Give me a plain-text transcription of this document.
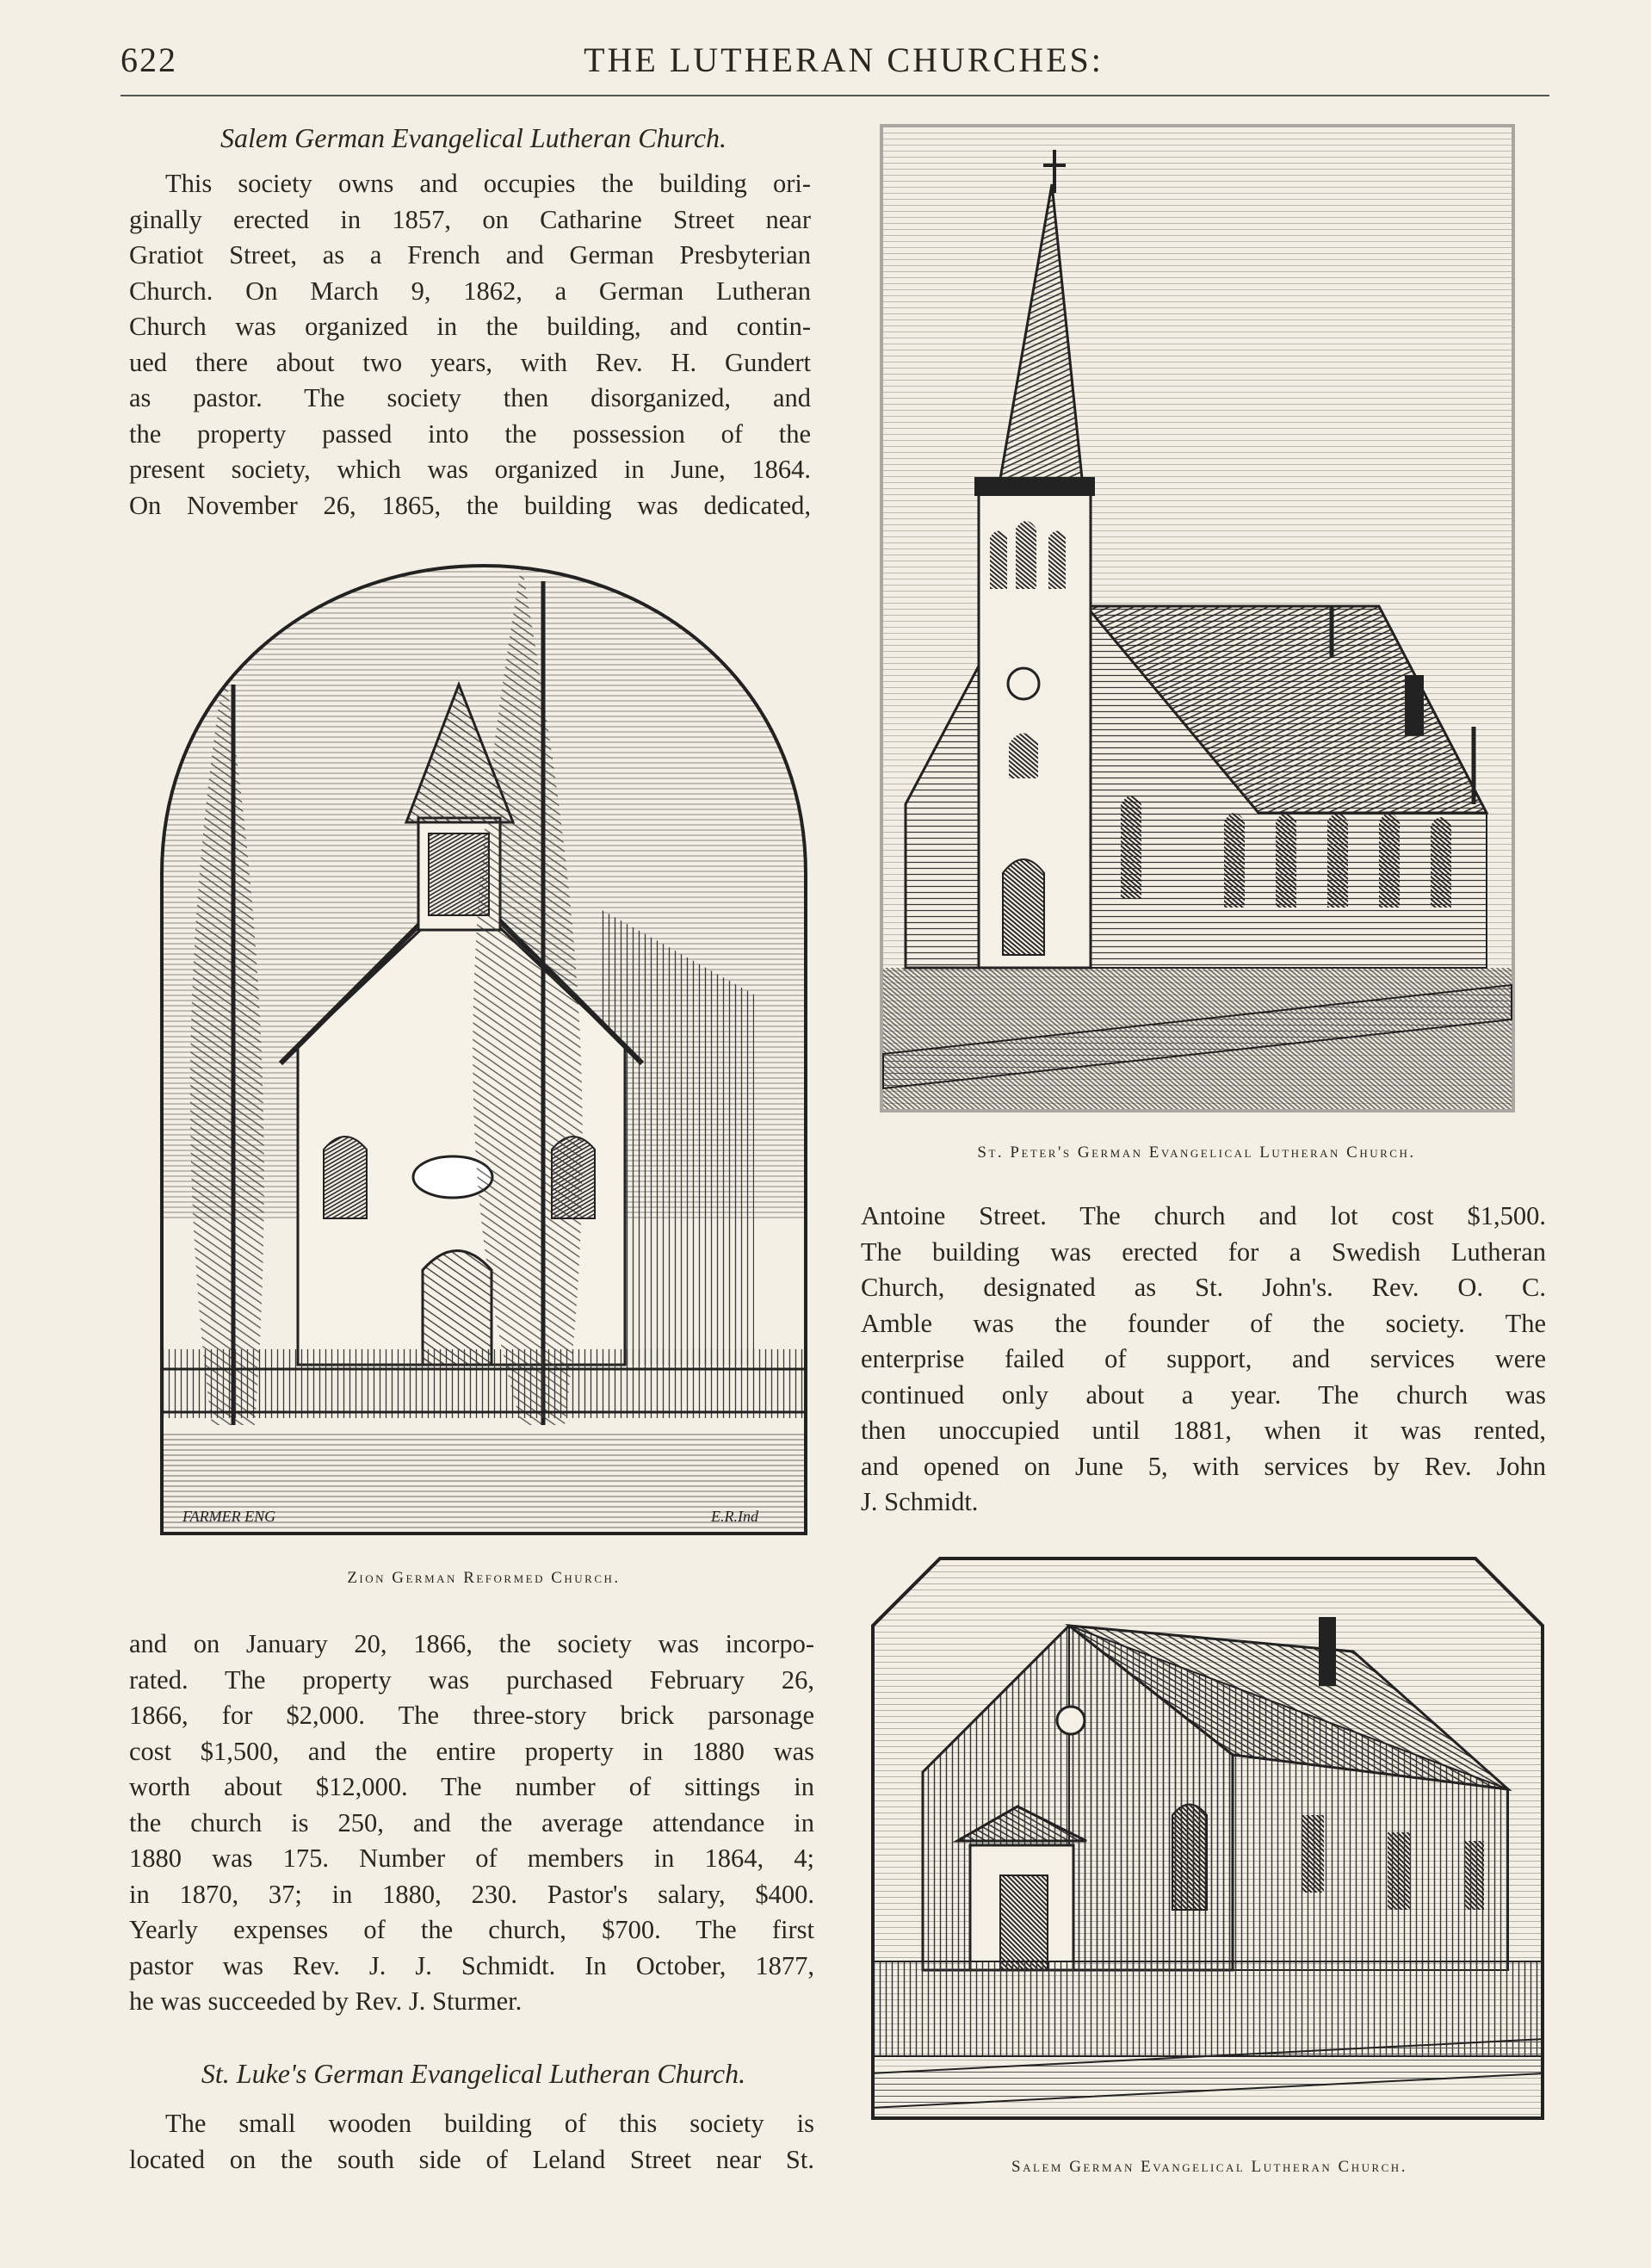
622	THE LUTHERAN CHURCHES:
Salem German Evangelical Lutheran Church.
This society owns and occupies the building ori-
ginally erected in 1857, on Catharine Street near
Gratiot Street, as a French and German Presbyterian
Church. On March 9, 1862, a German Lutheran
Church was organized in the building, and contin-
ued there about two years, with Rev. H. Gundert
as pastor. The society then disorganized, and
the property passed into the possession of the
present society, which was organized in June, 1864.
On November 26, 1865, the building was dedicated,
FARMER ENG	E.R.Ind
Zion German Reformed Church.
and on January 20, 1866, the society was incorpo-
rated. The property was purchased February 26,
1866, for $2,000. The three-story brick parsonage
cost $1,500, and the entire property in 1880 was
worth about $12,000. The number of sittings in
the church is 250, and the average attendance in
1880 was 175. Number of members in 1864, 4;
in 1870, 37; in 1880, 230. Pastor's salary, $400.
Yearly expenses of the church, $700. The first
pastor was Rev. J. J. Schmidt. In October, 1877,
he was succeeded by Rev. J. Sturmer.
St. Luke's German Evangelical Lutheran Church.
The small wooden building of this society is
located on the south side of Leland Street near St.
St. Peter's German Evangelical Lutheran Church.
Antoine Street. The church and lot cost $1,500.
The building was erected for a Swedish Lutheran
Church, designated as St. John's. Rev. O. C.
Amble was the founder of the society. The
enterprise failed of support, and services were
continued only about a year. The church was
then unoccupied until 1881, when it was rented,
and opened on June 5, with services by Rev. John
J. Schmidt.
Salem German Evangelical Lutheran Church.
